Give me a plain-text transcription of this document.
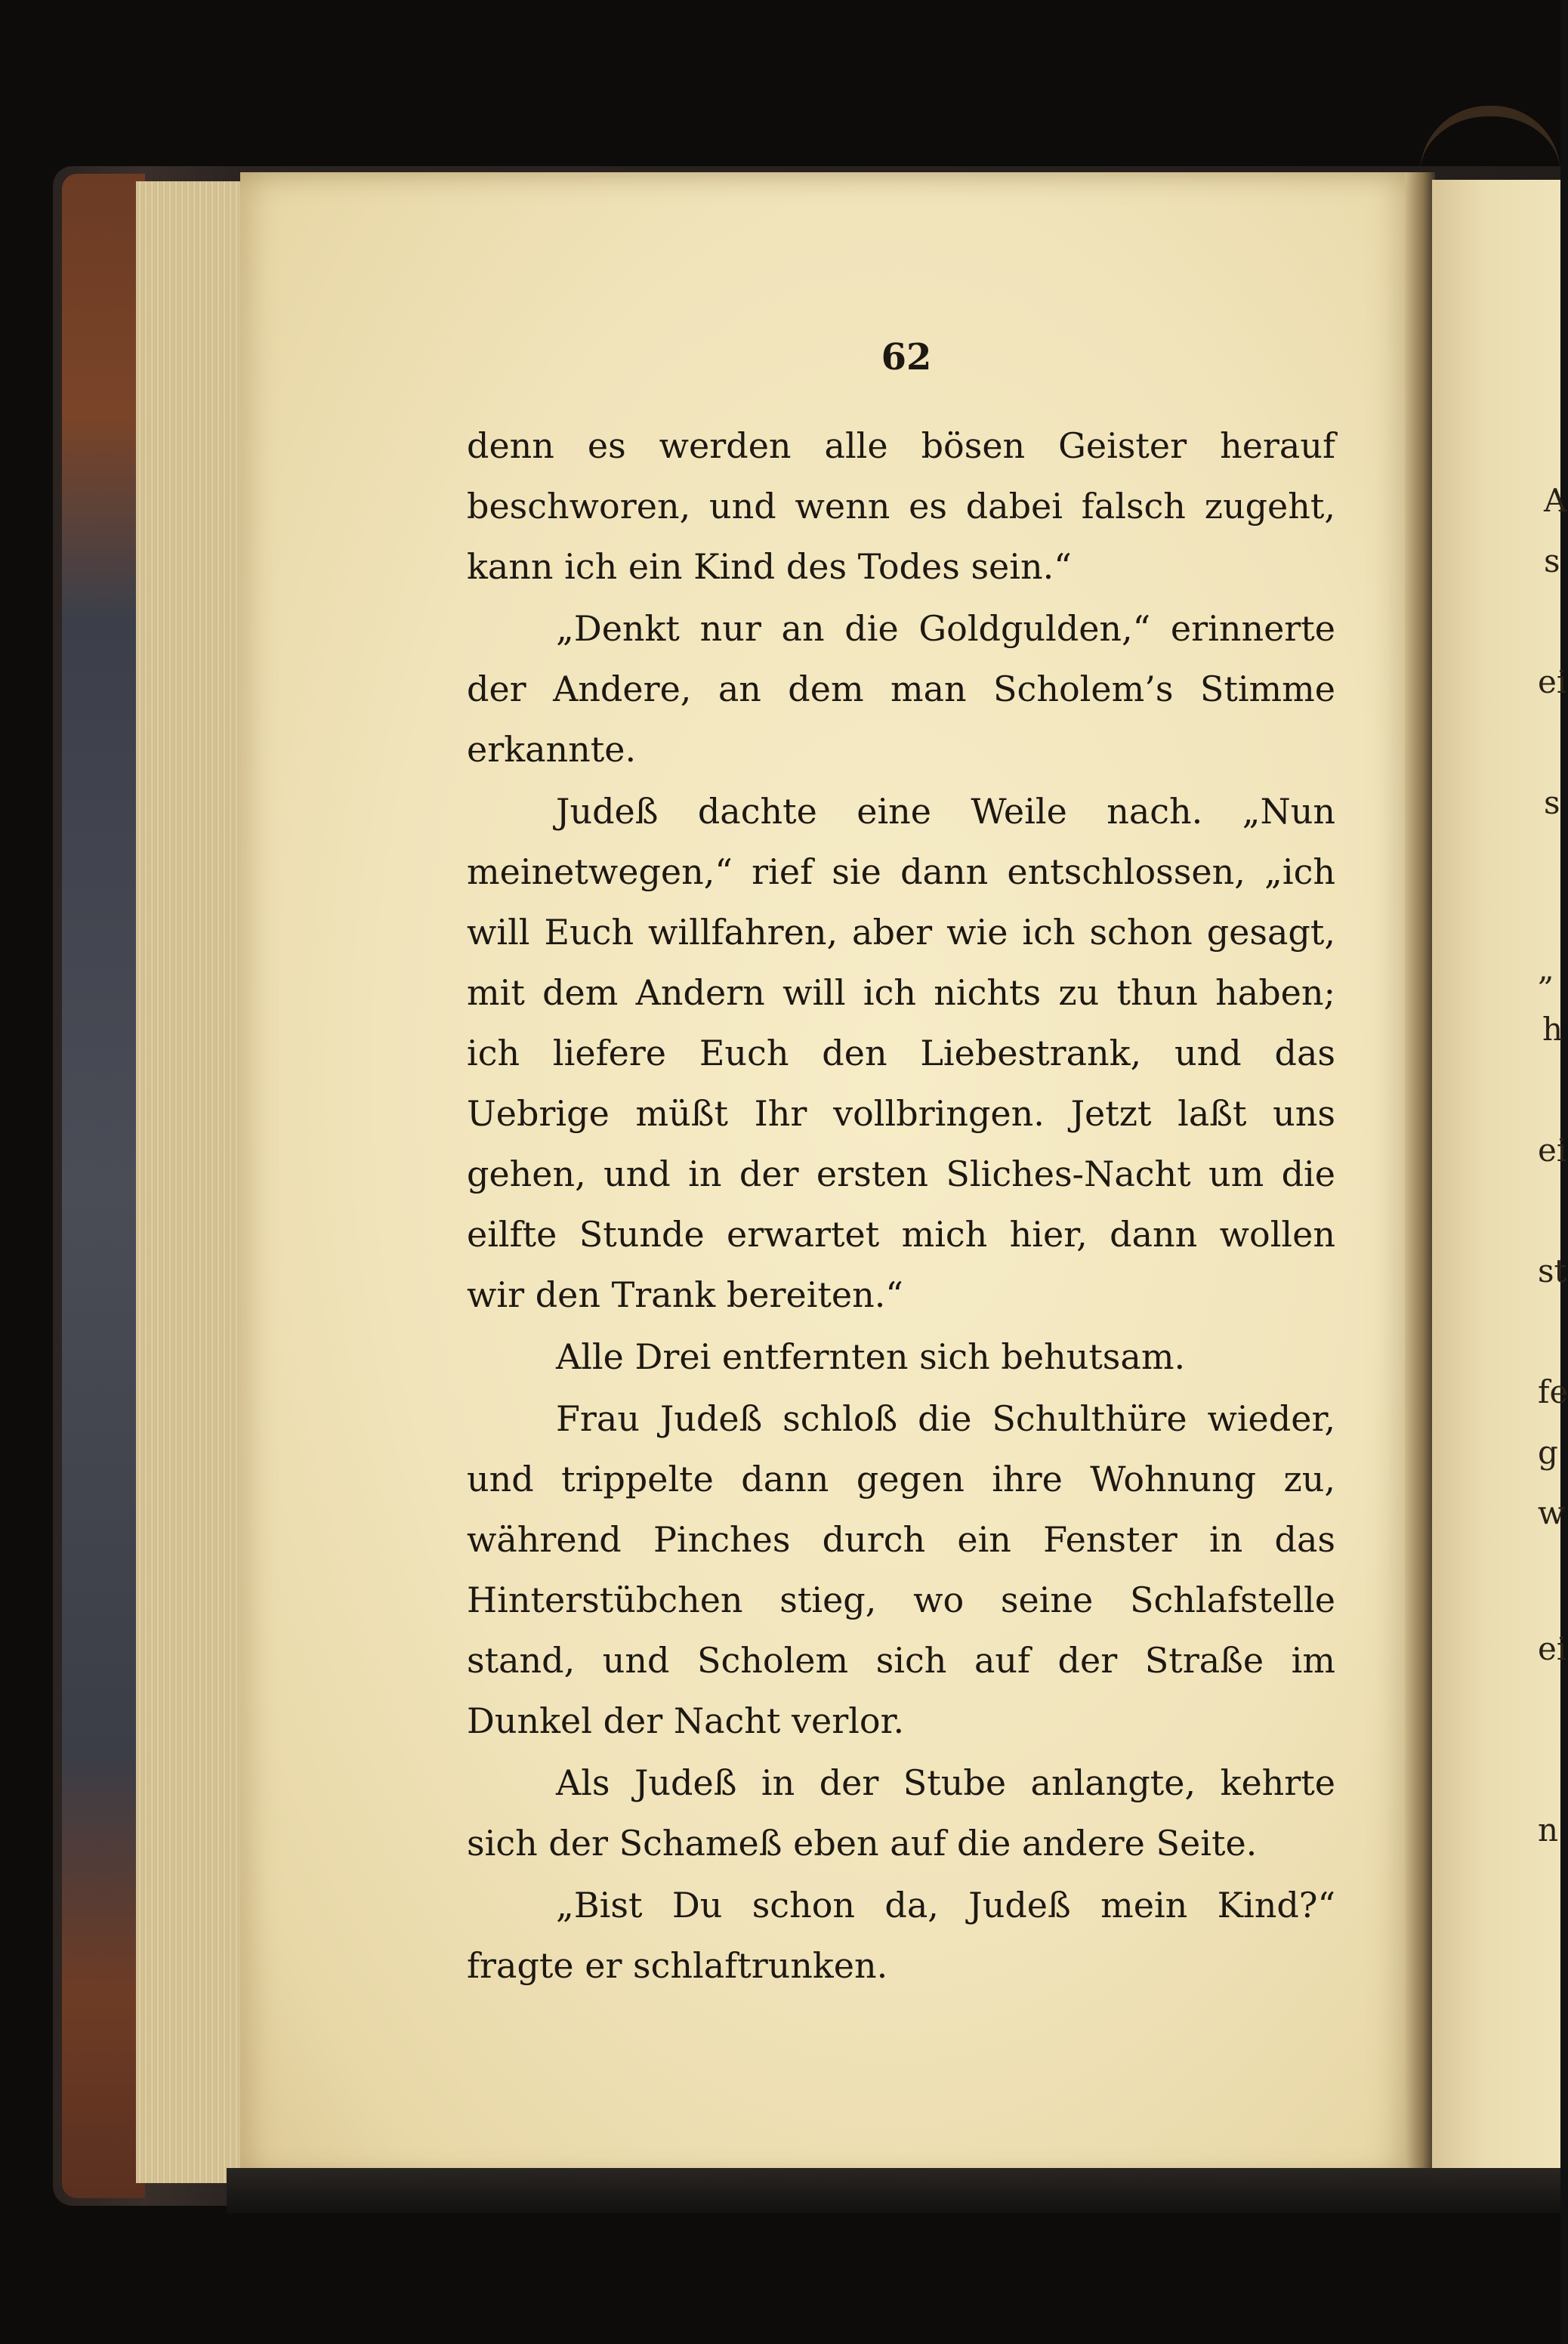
A
s
ei
s
„
h
ei
st
fe
g
w
ei
n
62

denn es werden alle bösen Geister herauf beschworen, und wenn es dabei falsch zugeht, kann ich ein Kind des Todes sein.“

„Denkt nur an die Goldgulden,“ erinnerte der Andere, an dem man Scholem’s Stimme erkannte.

Judeß dachte eine Weile nach. „Nun meinetwegen,“ rief sie dann entschlossen, „ich will Euch willfahren, aber wie ich schon gesagt, mit dem Andern will ich nichts zu thun haben; ich liefere Euch den Liebestrank, und das Uebrige müßt Ihr vollbringen. Jetzt laßt uns gehen, und in der ersten Sliches-Nacht um die eilfte Stunde erwartet mich hier, dann wollen wir den Trank bereiten.“

Alle Drei entfernten sich behutsam.

Frau Judeß schloß die Schulthüre wieder, und trippelte dann gegen ihre Wohnung zu, während Pinches durch ein Fenster in das Hinterstübchen stieg, wo seine Schlafstelle stand, und Scholem sich auf der Straße im Dunkel der Nacht verlor.

Als Judeß in der Stube anlangte, kehrte sich der Schameß eben auf die andere Seite.

„Bist Du schon da, Judeß mein Kind?“ fragte er schlaftrunken.
